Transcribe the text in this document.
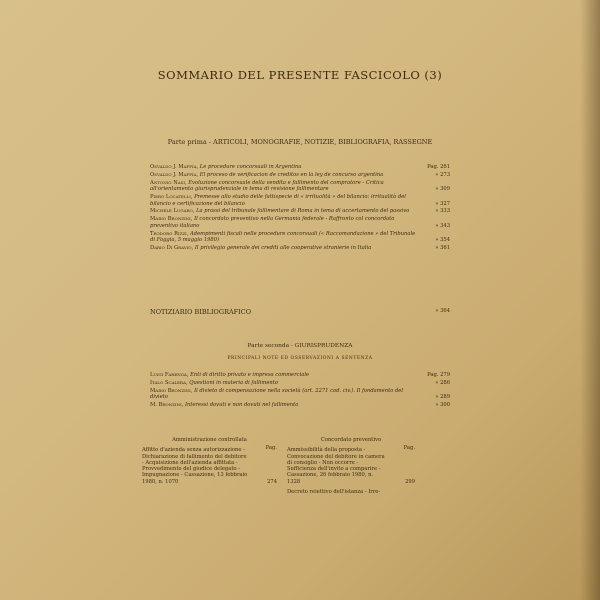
SOMMARIO DEL PRESENTE FASCICOLO (3)
Parte prima - ARTICOLI, MONOGRAFIE, NOTIZIE, BIBLIOGRAFIA, RASSEGNE
Osvaldo J. Maffía, Le procedure concorsuali in Argentina	Pag. 261
Osvaldo J. Maffía, El proceso de verificacion de creditos en la ley de concurso argentina	» 273
Antonio Nasi, Evoluzione concorsuale della vendita e fallimento del compratore - Critica all'orientamento giurisprudenziale in tema di revisione fallimentare	» 309
Piero Locatelli, Premesse allo studio delle fattispecie di « irritualità » del bilancio: irritualità del bilancio e certificazione del bilancio	» 327
Michele Lugaro, La prassi del tribunale fallimentare di Roma in tema di accertamento del passivo	» 333
Mario Bronzini, Il concordato preventivo nella Germania federale - Raffronto col concordato preventivo italiano	» 343
Teodoro Rizzi, Adempimenti fiscali nelle procedure concorsuali (« Raccomandazione » del Tribunale di Foggia, 5 maggio 1980)	» 354
Dario Di Gravio, Il privilegio generale dei crediti alle cooperative stranierie in Italia	» 361
NOTIZIARIO BIBLIOGRAFICO	» 364
Parte seconda - GIURISPRUDENZA
PRINCIPALI NOTE ED OSSERVAZIONI A SENTENZA
Luigi Farenga, Enti di diritto privato e impresa commerciale	Pag. 279
Italo Scalera, Questioni in materia di fallimento	» 286
Mario Bronzini, Il divieto di compensazione nella società (art. 2271 cod. civ.). Il fondamento del divieto	» 289
M. Bronzini, Interessi dovuti e non dovuti nel fallimento	» 300
Amministrazione controllata
Pag.
Affitto d'azienda senza autorizzazione - Dichiarazione di fallimento del debitore - Acquisizione dell'azienda affittata - Provvedimento del giudice delegato - Impugnazione - Cassazione, 13 febbraio 1980, n. 1070	274
Concordato preventivo
Pag.
Ammissibilità della proposta - Convocazione del debitore in camera di consiglio - Non occorre - Sufficienza dell'invito a comparire - Cassazione, 26 febbraio 1980, n. 1328	299
Decreto reiettivo dell'istanza - Irre-
